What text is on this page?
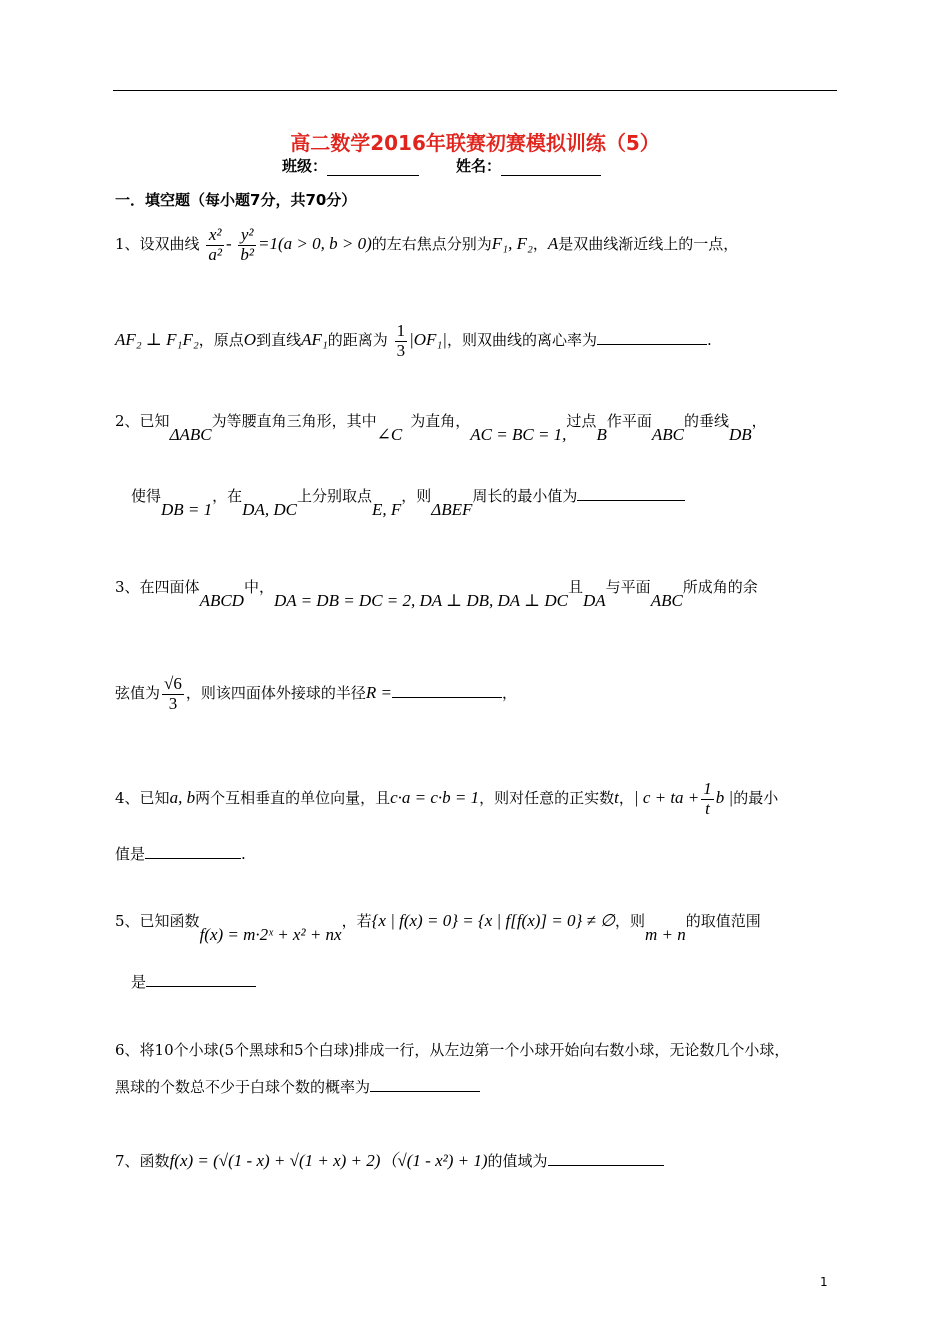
高二数学2016年联赛初赛模拟训练（5）
班级：	姓名：
一．填空题（每小题7分，共70分）
1、设双曲线 $\frac{\text{x²}}{\text{a²}} - \frac{\text{y²}}{\text{b²}} =1(a > 0$, b > 0)的左右焦点分别为F₁, F₂，A是双曲线渐近线上的一点，
AF₂ ⊥ F₁F₂，原点O到直线AF₁的距离为 $\frac{1}{3} |OF_1|$，则双曲线的离心率为	.
2、已知ΔABC为等腰直角三角形，其中∠C为直角，AC = BC = 1,过点B作平面ABC的垂线DB，
使得DB = 1，在DA, DC上分别取点E, F，则ΔBEF周长的最小值为
3、在四面体ABCD中，DA = DB = DC = 2, DA ⊥ DB, DA ⊥ DC且DA与平面ABC所成角的余
弦值为 $\frac{√6}{3}$ ，则该四面体外接球的半径R =	，
4、已知a, b两个互相垂直的单位向量，且c·a = c·b = 1，则对任意的正实数t，| c + ta + $\frac{1}{t}$ b |的最小
值是	.
5、已知函数f(x) = m·2ˣ + x² + nx，若{x | f(x) = 0} = {x | f[f(x)] = 0} ≠ ∅，则m + n的取值范围
是
6、将10个小球(5个黑球和5个白球)排成一行，从左边第一个小球开始向右数小球，无论数几个小球，
黑球的个数总不少于白球个数的概率为
7、函数f(x) = (√(1 - x) + √(1 + x) + 2)（√(1 - x²) + 1)的值域为
1
